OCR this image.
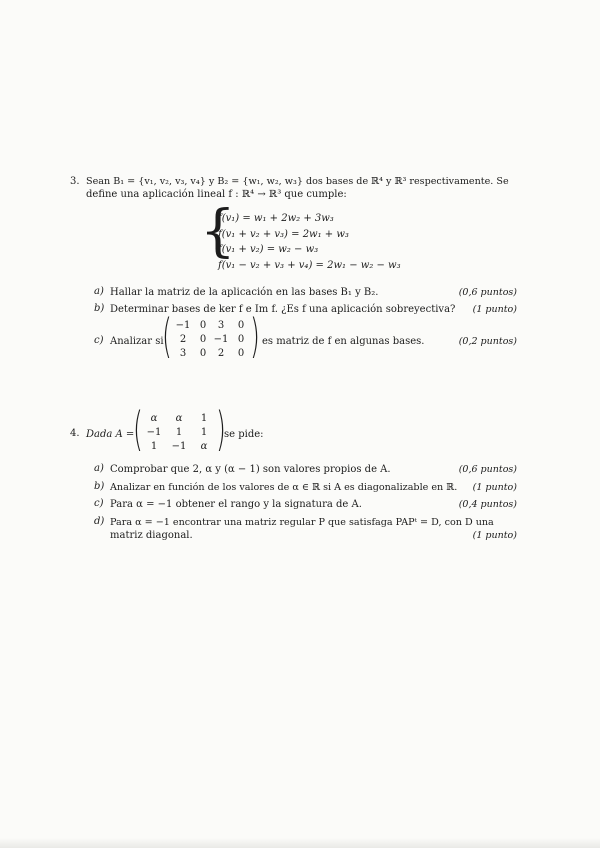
3. Sean B₁ = {v₁, v₂, v₃, v₄} y B₂ = {w₁, w₂, w₃} dos bases de ℝ⁴ y ℝ³ respectivamente. Se
define una aplicación lineal f : ℝ⁴ → ℝ³ que cumple:
{
f(v₁) = w₁ + 2w₂ + 3w₃
f(v₁ + v₂ + v₃) = 2w₁ + w₃
f(v₁ + v₂) = w₂ − w₃
f(v₁ − v₂ + v₃ + v₄) = 2w₁ − w₂ − w₃
a) Hallar la matriz de la aplicación en las bases B₁ y B₂.	(0,6 puntos)
b) Determinar bases de ker f e Im f. ¿Es f una aplicación sobreyectiva? (1 punto)
c) Analizar si
( −1 0	3	0
2	0 −1 0
3	0	2	0 ) es matriz de f en algunas bases.	(0,2 puntos)
4. Dada A =
( α	α	1
−1	1	1
1	−1	α )
se pide:
a) Comprobar que 2, α y (α − 1) son valores propios de A.	(0,6 puntos)
b) Analizar en función de los valores de α ∈ ℝ si A es diagonalizable en ℝ. (1 punto)
c) Para α = −1 obtener el rango y la signatura de A.	(0,4 puntos)
d) Para α = −1 encontrar una matriz regular P que satisfaga PAPᵗ = D, con D una
matriz diagonal.	(1 punto)
